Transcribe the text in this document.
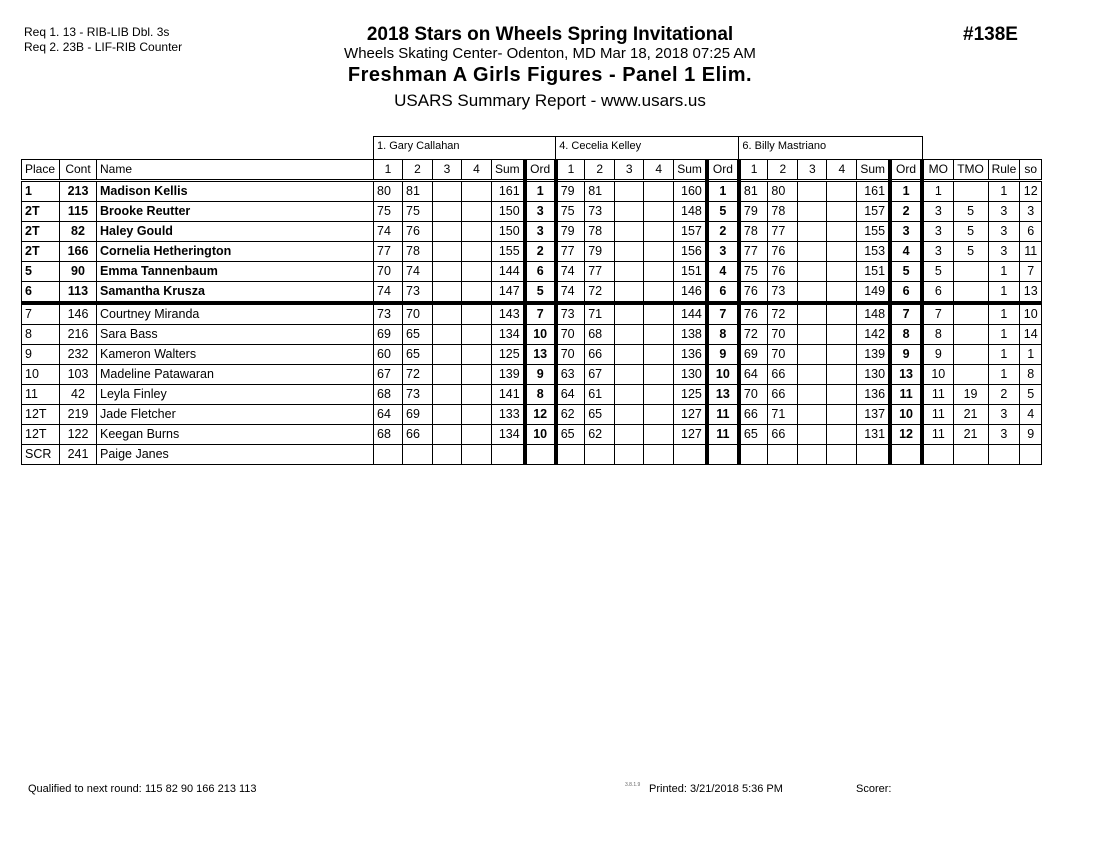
Req 1. 13 - RIB-LIB Dbl. 3s
Req 2. 23B - LIF-RIB Counter
2018 Stars on Wheels Spring Invitational
Wheels Skating Center- Odenton, MD Mar 18, 2018 07:25 AM
Freshman A Girls Figures - Panel 1 Elim.
USARS Summary Report - www.usars.us
#138E
			1. Gary Callahan						4. Cecelia Kelley						6. Billy Mastriano									
Place	Cont	Name	1	2	3	4	Sum	Ord	1	2	3	4	Sum	Ord	1	2	3	4	Sum	Ord	MO	TMO	Rule	so
1	213	Madison Kellis	80	81			161	1	79	81			160	1	81	80			161	1	1		1	12
2T	115	Brooke Reutter	75	75			150	3	75	73			148	5	79	78			157	2	3	5	3	3
2T	82	Haley Gould	74	76			150	3	79	78			157	2	78	77			155	3	3	5	3	6
2T	166	Cornelia Hetherington	77	78			155	2	77	79			156	3	77	76			153	4	3	5	3	11
5	90	Emma Tannenbaum	70	74			144	6	74	77			151	4	75	76			151	5	5		1	7
6	113	Samantha Krusza	74	73			147	5	74	72			146	6	76	73			149	6	6		1	13
7	146	Courtney Miranda	73	70			143	7	73	71			144	7	76	72			148	7	7		1	10
8	216	Sara Bass	69	65			134	10	70	68			138	8	72	70			142	8	8		1	14
9	232	Kameron Walters	60	65			125	13	70	66			136	9	69	70			139	9	9		1	1
10	103	Madeline Patawaran	67	72			139	9	63	67			130	10	64	66			130	13	10		1	8
11	42	Leyla Finley	68	73			141	8	64	61			125	13	70	66			136	11	11	19	2	5
12T	219	Jade Fletcher	64	69			133	12	62	65			127	11	66	71			137	10	11	21	3	4
12T	122	Keegan Burns	68	66			134	10	65	62			127	11	65	66			131	12	11	21	3	9
SCR	241	Paige Janes																						
Qualified to next round: 115 82 90 166 213 113	3.8.1.9 Printed: 3/21/2018 5:36 PM	Scorer:
